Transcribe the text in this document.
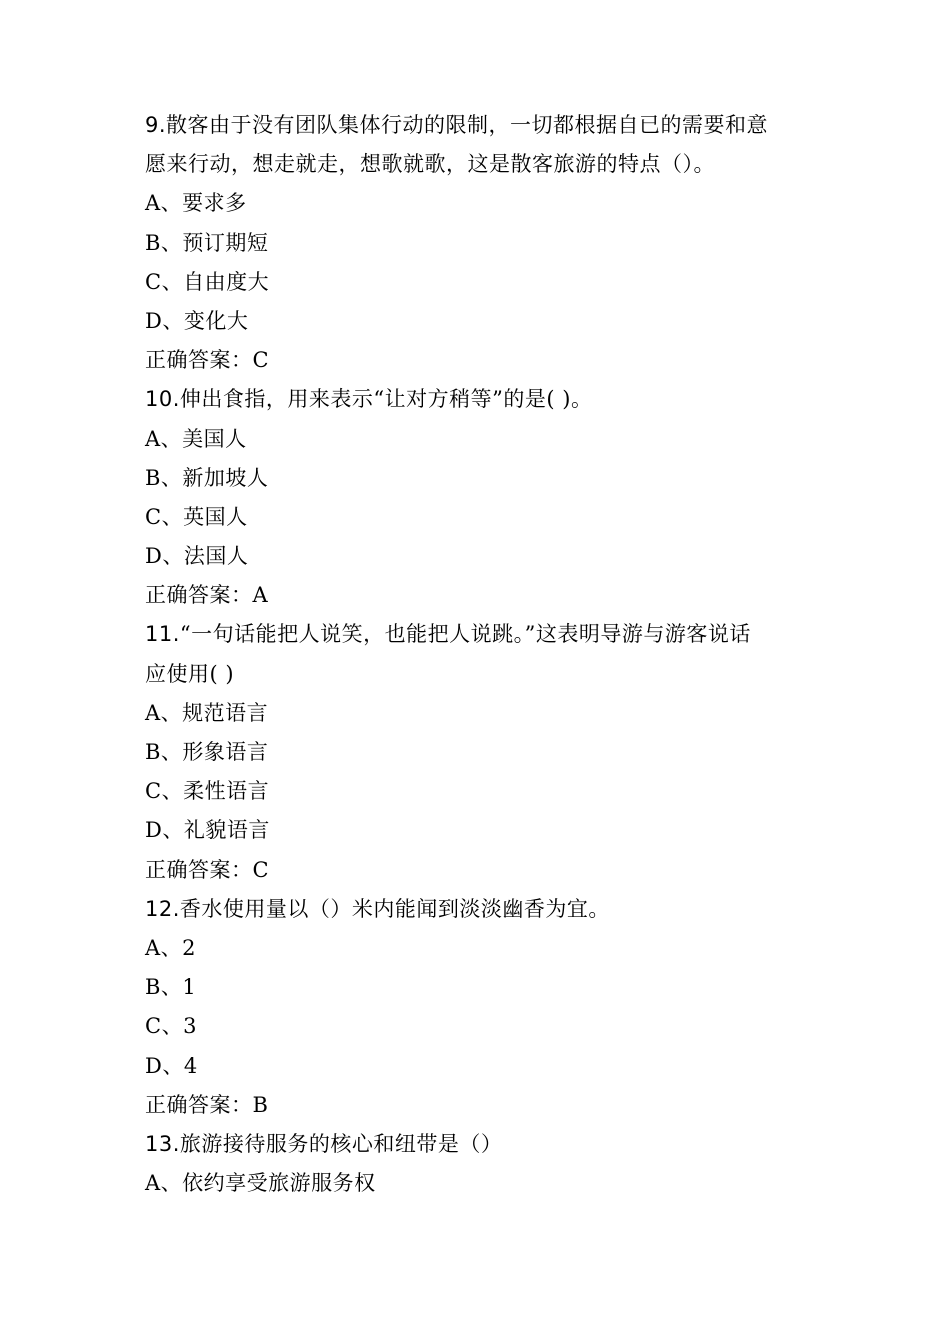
9.散客由于没有团队集体行动的限制，一切都根据自已的需要和意
愿来行动，想走就走，想歌就歌，这是散客旅游的特点（）。
A、要求多
B、预订期短
C、自由度大
D、变化大
正确答案：C
10.伸出食指，用来表示“让对方稍等”的是( )。
A、美国人
B、新加坡人
C、英国人
D、法国人
正确答案：A
11.“一句话能把人说笑，也能把人说跳。”这表明导游与游客说话
应使用( )
A、规范语言
B、形象语言
C、柔性语言
D、礼貌语言
正确答案：C
12.香水使用量以（）米内能闻到淡淡幽香为宜。
A、2
B、1
C、3
D、4
正确答案：B
13.旅游接待服务的核心和纽带是（）
A、依约享受旅游服务权
